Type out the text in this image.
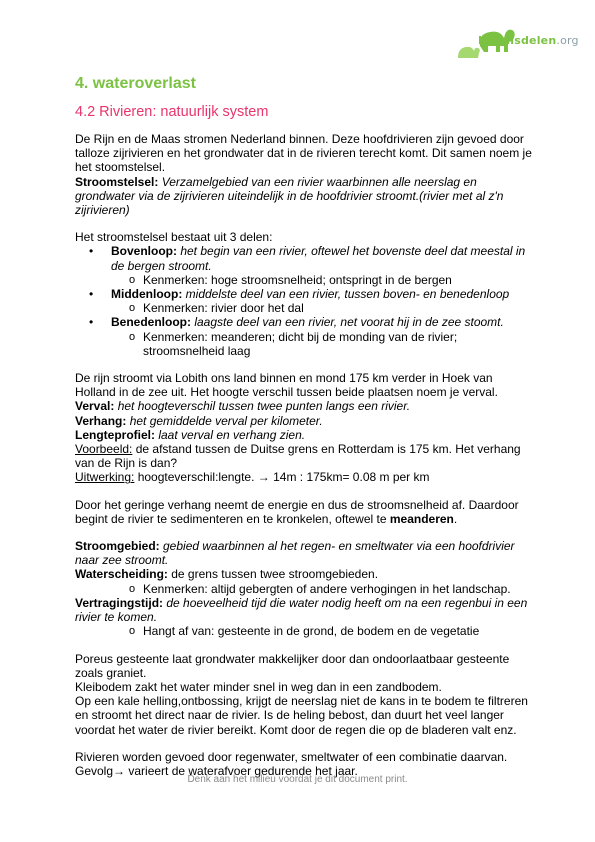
Kennisdelen.org
4. wateroverlast
4.2 Rivieren: natuurlijk system

De Rijn en de Maas stromen Nederland binnen. Deze hoofdrivieren zijn gevoed door talloze zijrivieren en het grondwater dat in de rivieren terecht komt. Dit samen noem je het stoomstelsel.

Stroomstelsel: Verzamelgebied van een rivier waarbinnen alle neerslag en grondwater via de zijrivieren uiteindelijk in de hoofdrivier stroomt.(rivier met al z'n zijrivieren)

Het stroomstelsel bestaat uit 3 delen:

• Bovenloop: het begin van een rivier, oftewel het bovenste deel dat meestal in de bergen stroomt.
o Kenmerken: hoge stroomsnelheid; ontspringt in de bergen
• Middenloop: middelste deel van een rivier, tussen boven- en benedenloop
o Kenmerken: rivier door het dal
• Benedenloop: laagste deel van een rivier, net voorat hij in de zee stoomt.
o Kenmerken: meanderen; dicht bij de monding van de rivier; stroomsnelheid laag

De rijn stroomt via Lobith ons land binnen en mond 175 km verder in Hoek van Holland in de zee uit. Het hoogte verschil tussen beide plaatsen noem je verval.

Verval: het hoogteverschil tussen twee punten langs een rivier.

Verhang: het gemiddelde verval per kilometer.

Lengteprofiel: laat verval en verhang zien.

Voorbeeld: de afstand tussen de Duitse grens en Rotterdam is 175 km. Het verhang van de Rijn is dan?

Uitwerking: hoogteverschil:lengte. → 14m : 175km= 0.08 m per km

Door het geringe verhang neemt de energie en dus de stroomsnelheid af. Daardoor begint de rivier te sedimenteren en te kronkelen, oftewel te meanderen.

Stroomgebied: gebied waarbinnen al het regen- en smeltwater via een hoofdrivier naar zee stroomt.

Waterscheiding: de grens tussen twee stroomgebieden.

o Kenmerken: altijd gebergten of andere verhogingen in het landschap.

Vertragingstijd: de hoeveelheid tijd die water nodig heeft om na een regenbui in een rivier te komen.

o Hangt af van: gesteente in de grond, de bodem en de vegetatie

Poreus gesteente laat grondwater makkelijker door dan ondoorlaatbaar gesteente zoals graniet.

Kleibodem zakt het water minder snel in weg dan in een zandbodem.

Op een kale helling,ontbossing, krijgt de neerslag niet de kans in te bodem te filtreren en stroomt het direct naar de rivier. Is de heling bebost, dan duurt het veel langer voordat het water de rivier bereikt. Komt door de regen die op de bladeren valt enz.

Rivieren worden gevoed door regenwater, smeltwater of een combinatie daarvan.

Gevolg→ varieert de waterafvoer gedurende het jaar.

Denk aan het milieu voordat je dit document print.
